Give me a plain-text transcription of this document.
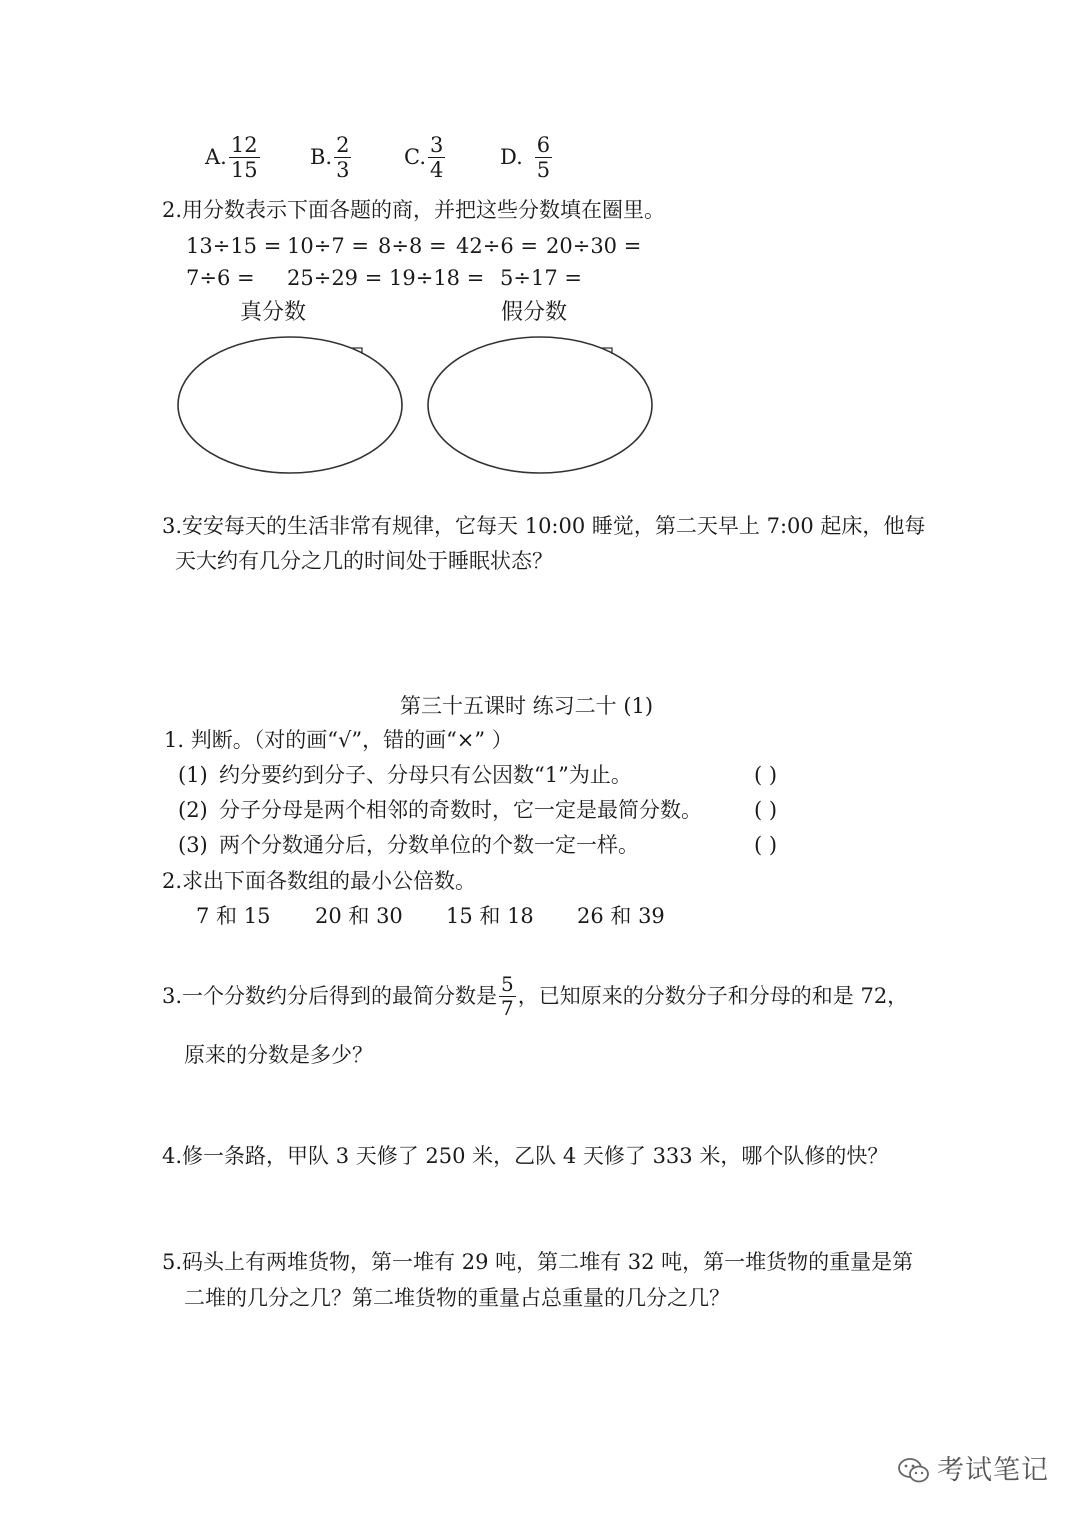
A. $\frac{12}{15} B$. $\frac{2}{3}$	C. $\frac{3}{4}$	D. $\frac{6}{5}$
2.用分数表示下面各题的商，并把这些分数填在圈里。
13÷15 = 10÷7 = 8÷8 = 42÷6 = 20÷30 =
7÷6 = 25÷29 = 19÷18 = 5÷17 =
真分数	假分数
3.安安每天的生活非常有规律，它每天 10:00 睡觉，第二天早上 7:00 起床，他每
天大约有几分之几的时间处于睡眠状态？
第三十五课时 练习二十 (1)
1. 判断。（对的画“√”，错的画“×” ）
(1) 约分要约到分子、分母只有公因数“1”为止。	( )
(2) 分子分母是两个相邻的奇数时，它一定是最简分数。 ( )
(3) 两个分数通分后，分数单位的个数一定一样。	( )
2.求出下面各数组的最小公倍数。
7 和 15 20 和 30 15 和 18 26 和 39
3.一个分数约分后得到的最简分数是 $\frac{5}{7}$ ，已知原来的分数分子和分母的和是 72，
原来的分数是多少？
4.修一条路，甲队 3 天修了 250 米，乙队 4 天修了 333 米，哪个队修的快？
5.码头上有两堆货物，第一堆有 29 吨，第二堆有 32 吨，第一堆货物的重量是第
二堆的几分之几？第二堆货物的重量占总重量的几分之几？
考试笔记
